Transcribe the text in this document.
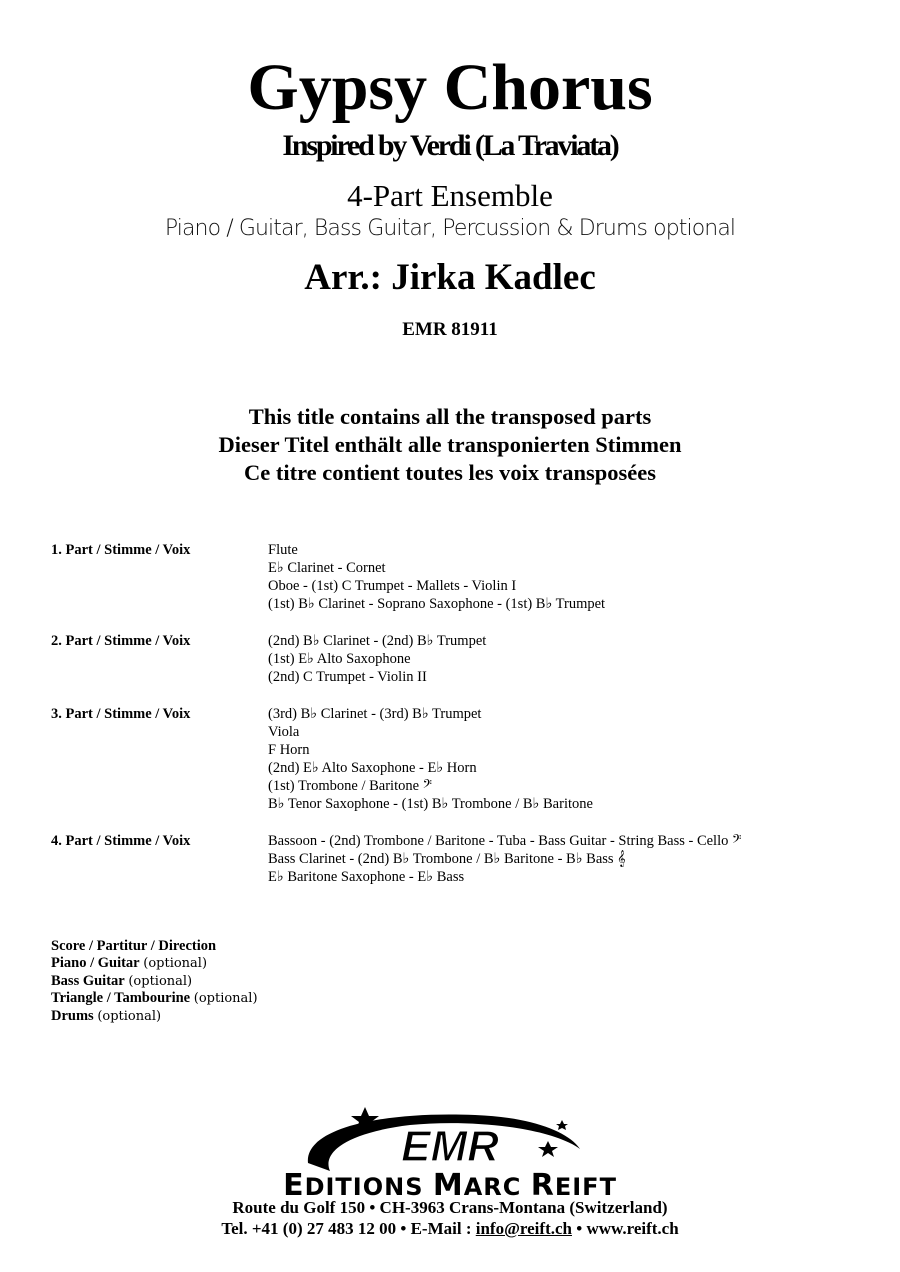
Gypsy Chorus
Inspired by Verdi (La Traviata)
4-Part Ensemble
Piano / Guitar, Bass Guitar, Percussion & Drums optional
Arr.: Jirka Kadlec
EMR 81911
This title contains all the transposed parts
Dieser Titel enthält alle transponierten Stimmen
Ce titre contient toutes les voix transposées
1. Part / Stimme / Voix	Flute
E♭ Clarinet - Cornet
Oboe - (1st) C Trumpet - Mallets - Violin I
(1st) B♭ Clarinet - Soprano Saxophone - (1st) B♭ Trumpet
2. Part / Stimme / Voix	(2nd) B♭ Clarinet - (2nd) B♭ Trumpet
(1st) E♭ Alto Saxophone
(2nd) C Trumpet - Violin II
3. Part / Stimme / Voix	(3rd) B♭ Clarinet - (3rd) B♭ Trumpet
Viola
F Horn
(2nd) E♭ Alto Saxophone - E♭ Horn
(1st) Trombone / Baritone 𝄢
B♭ Tenor Saxophone - (1st) B♭ Trombone / B♭ Baritone
4. Part / Stimme / Voix	Bassoon - (2nd) Trombone / Baritone - Tuba - Bass Guitar - String Bass - Cello 𝄢
Bass Clarinet - (2nd) B♭ Trombone / B♭ Baritone - B♭ Bass 𝄞
E♭ Baritone Saxophone - E♭ Bass
Score / Partitur / Direction
Piano / Guitar (optional)
Bass Guitar (optional)
Triangle / Tambourine (optional)
Drums (optional)
EMR
EDITIONS MARC REIFT
Route du Golf 150 • CH-3963 Crans-Montana (Switzerland)
Tel. +41 (0) 27 483 12 00 • E-Mail : info@reift.ch • www.reift.ch
